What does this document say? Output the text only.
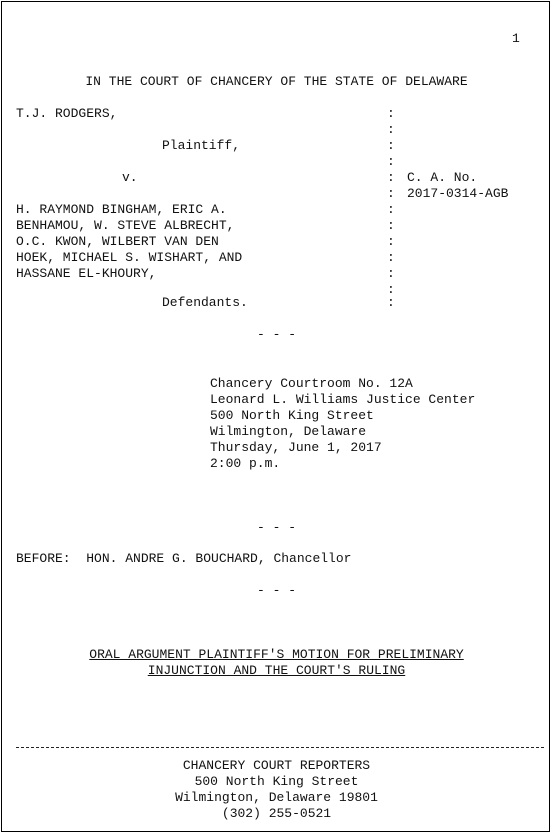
1
IN THE COURT OF CHANCERY OF THE STATE OF DELAWARE
T.J. RODGERS,
Plaintiff,
v.
H. RAYMOND BINGHAM, ERIC A.
BENHAMOU, W. STEVE ALBRECHT,
O.C. KWON, WILBERT VAN DEN
HOEK, MICHAEL S. WISHART, AND
HASSANE EL-KHOURY,
Defendants.
:
:
:
:
:
:
:
:
:
:
:
:
:
C. A. No.
2017-0314-AGB
- - -
Chancery Courtroom No. 12A
Leonard L. Williams Justice Center
500 North King Street
Wilmington, Delaware
Thursday, June 1, 2017
2:00 p.m.
- - -
BEFORE:  HON. ANDRE G. BOUCHARD, Chancellor
- - -
ORAL ARGUMENT PLAINTIFF'S MOTION FOR PRELIMINARY
INJUNCTION AND THE COURT'S RULING
CHANCERY COURT REPORTERS
500 North King Street
Wilmington, Delaware 19801
(302) 255-0521
